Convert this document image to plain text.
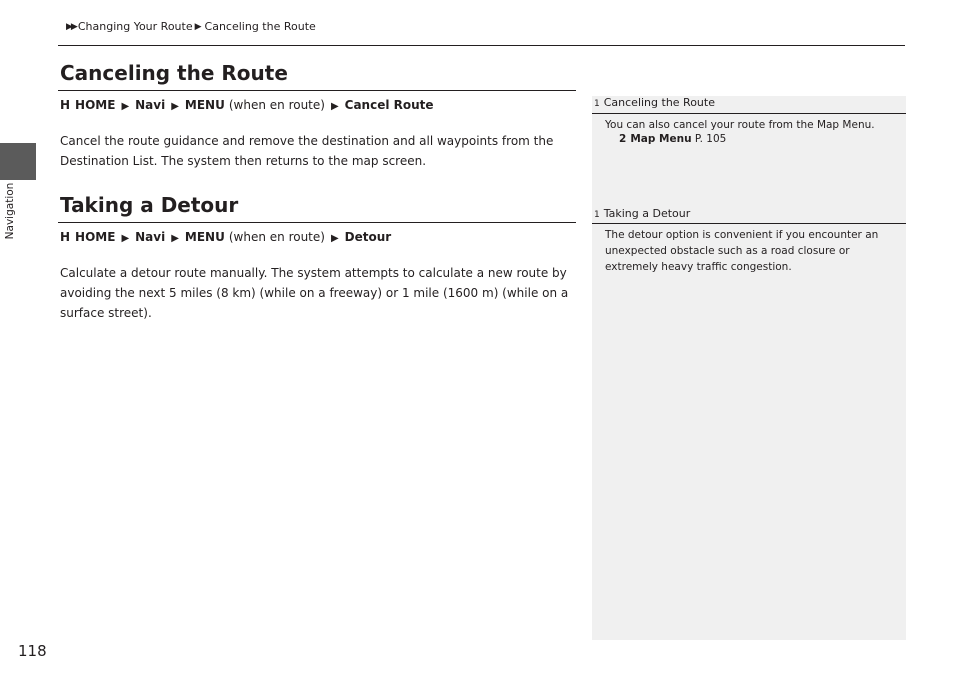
Navigation
▶▶ Changing Your Route ▶ Canceling the Route
Canceling the Route
H HOME ▶ Navi ▶ MENU (when en route) ▶ Cancel Route
Cancel the route guidance and remove the destination and all waypoints from the Destination List. The system then returns to the map screen.
Taking a Detour
H HOME ▶ Navi ▶ MENU (when en route) ▶ Detour
Calculate a detour route manually. The system attempts to calculate a new route by avoiding the next 5 miles (8 km) (while on a freeway) or 1 mile (1600 m) (while on a surface street).
1 Canceling the Route
You can also cancel your route from the Map Menu.
2 Map Menu P. 105
1 Taking a Detour
The detour option is convenient if you encounter an unexpected obstacle such as a road closure or extremely heavy traffic congestion.
118
